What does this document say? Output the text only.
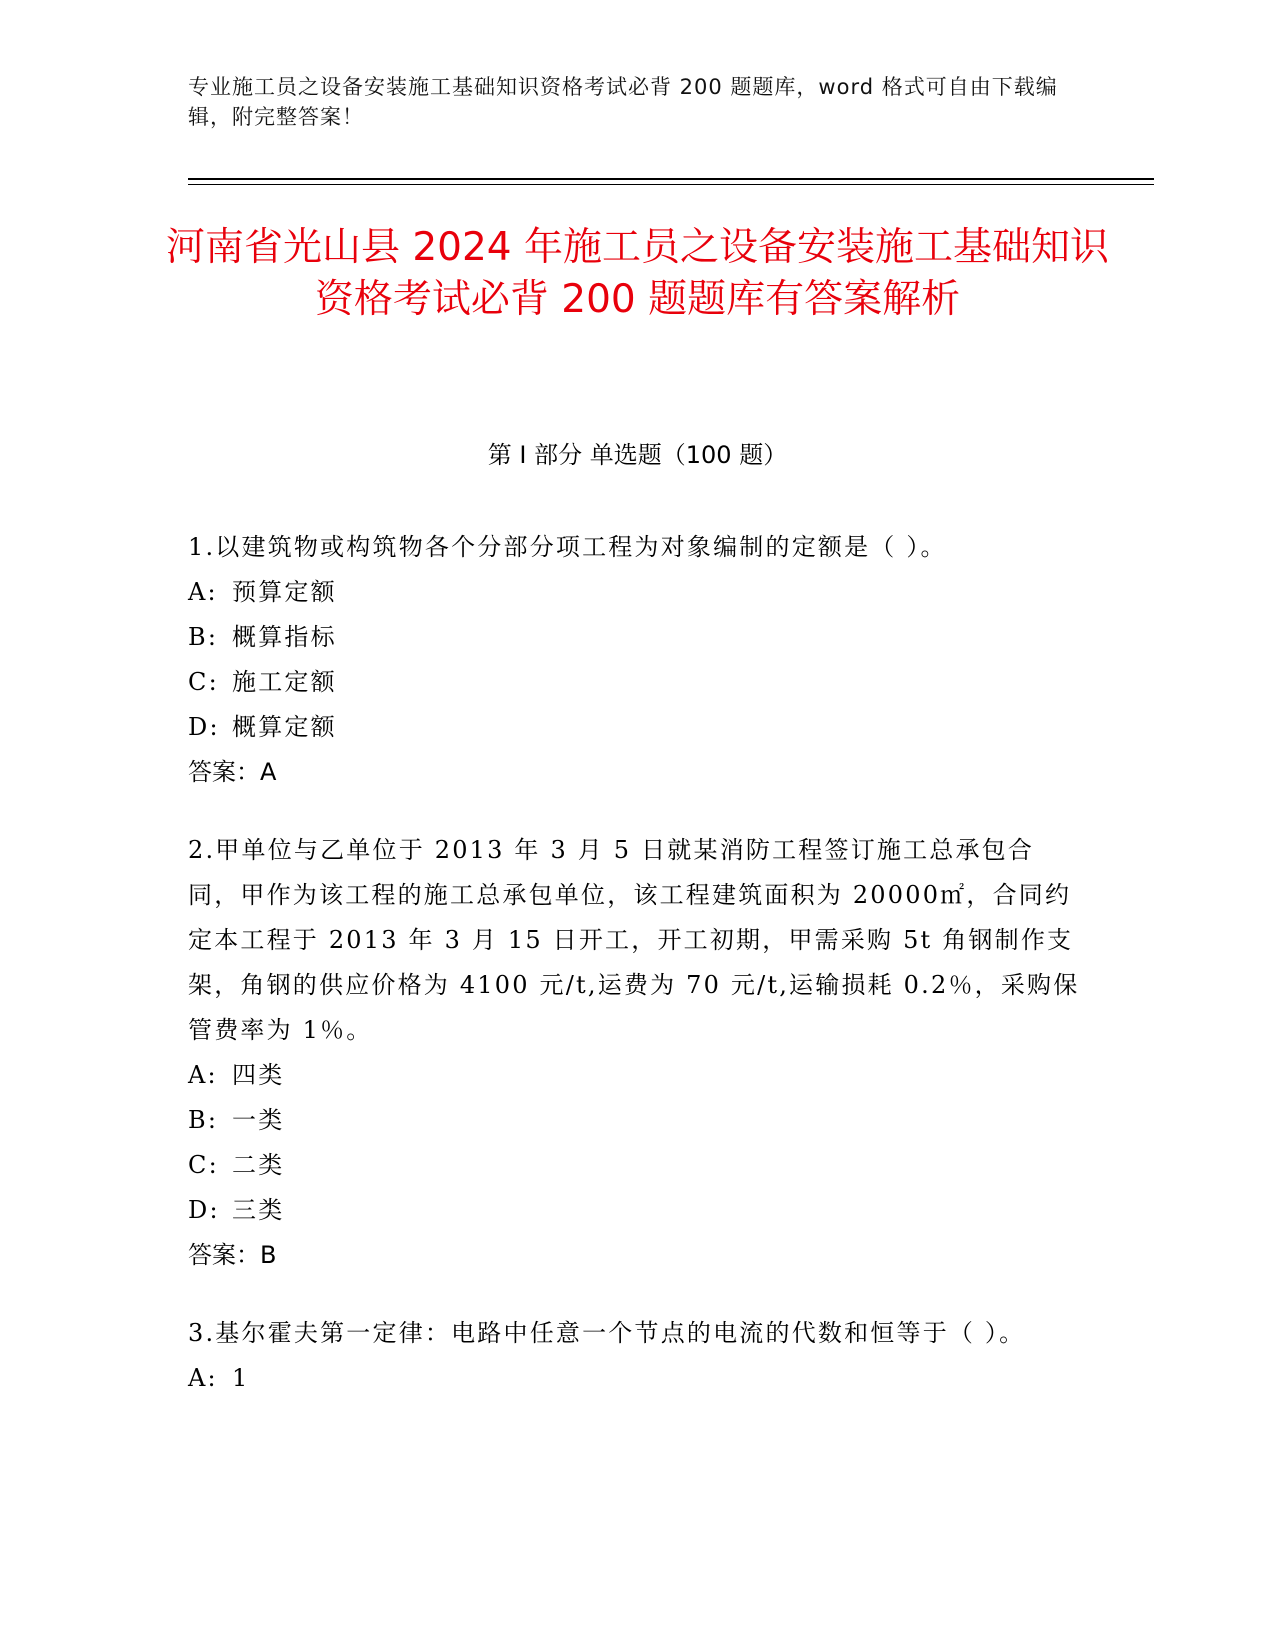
专业施工员之设备安装施工基础知识资格考试必背 200 题题库，word 格式可自由下载编辑，附完整答案！
河南省光山县 2024 年施工员之设备安装施工基础知识资格考试必背 200 题题库有答案解析
第 I 部分 单选题（100 题）
1.以建筑物或构筑物各个分部分项工程为对象编制的定额是（ ）。
A: 预算定额
B: 概算指标
C: 施工定额
D: 概算定额
答案：A
2.甲单位与乙单位于 2013 年 3 月 5 日就某消防工程签订施工总承包合同，甲作为该工程的施工总承包单位，该工程建筑面积为 20000㎡，合同约定本工程于 2013 年 3 月 15 日开工，开工初期，甲需采购 5t 角钢制作支架，角钢的供应价格为 4100 元/t,运费为 70 元/t,运输损耗 0.2％，采购保管费率为 1％。
A: 四类
B: 一类
C: 二类
D: 三类
答案：B
3.基尔霍夫第一定律：电路中任意一个节点的电流的代数和恒等于（ ）。
A: 1
